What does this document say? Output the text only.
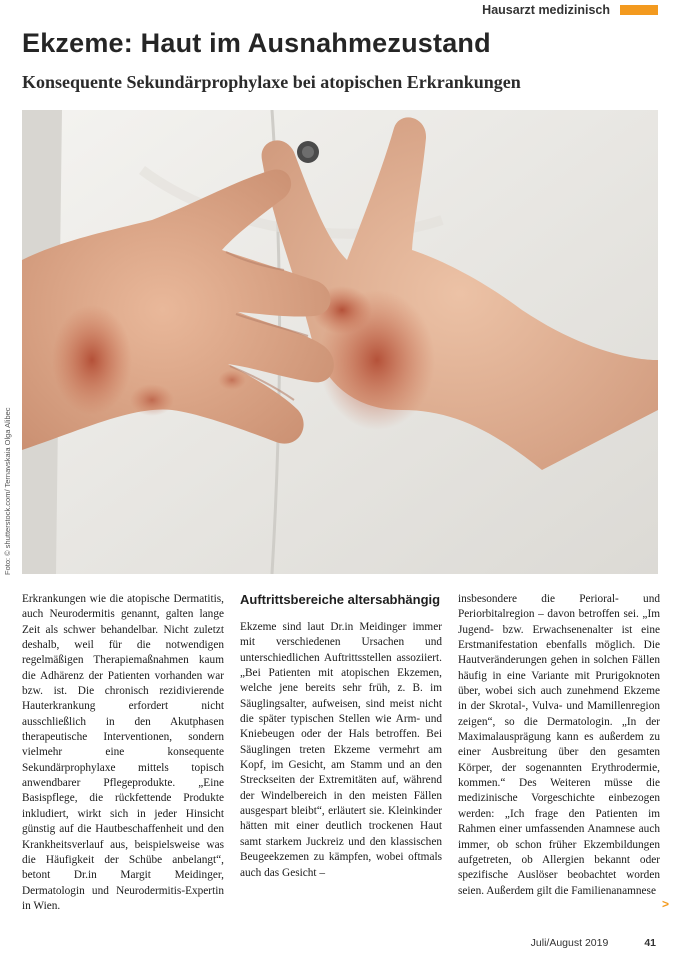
Hausarzt medizinisch
Ekzeme: Haut im Ausnahmezustand
Konsequente Sekundärprophylaxe bei atopischen Erkrankungen
Foto: © shutterstock.com/ Ternavskaia Olga Alibec

Erkrankungen wie die atopische Dermatitis, auch Neurodermitis genannt, galten lange Zeit als schwer behandelbar. Nicht zuletzt deshalb, weil für die notwendigen regelmäßigen Therapiemaßnahmen kaum die Adhärenz der Patienten vorhanden war bzw. ist. Die chronisch rezidivierende Hauterkrankung erfordert nicht ausschließlich in den Akutphasen therapeutische Interventionen, sondern vielmehr eine konsequente Sekundärprophylaxe mittels topisch anwendbarer Pflegeprodukte. „Eine Basispflege, die rückfettende Produkte inkludiert, wirkt sich in jeder Hinsicht günstig auf die Hautbeschaffenheit und den Krankheitsverlauf aus, beispielsweise was die Häufigkeit der Schübe anbelangt“, betont Dr.in Margit Meidinger, Dermatologin und Neurodermitis-Expertin in Wien.

Auftrittsbereiche altersabhängig

Ekzeme sind laut Dr.in Meidinger immer mit verschiedenen Ursachen und unterschiedlichen Auftrittsstellen assoziiert. „Bei Patienten mit atopischen Ekzemen, welche jene bereits sehr früh, z. B. im Säuglingsalter, aufweisen, sind meist nicht die später typischen Stellen wie Arm- und Kniebeugen oder der Hals betroffen. Bei Säuglingen treten Ekzeme vermehrt am Kopf, im Gesicht, am Stamm und an den Streckseiten der Extremitäten auf, während der Windelbereich in den meisten Fällen ausgespart bleibt“, erläutert sie. Kleinkinder hätten mit einer deutlich trockenen Haut samt starkem Juckreiz und den klassischen Beugeekzemen zu kämpfen, wobei oftmals auch das Gesicht –

insbesondere die Perioral- und Periorbitalregion – davon betroffen sei. „Im Jugend- bzw. Erwachsenenalter ist eine Erstmanifestation ebenfalls möglich. Die Hautveränderungen gehen in solchen Fällen häufig in eine Variante mit Prurigoknoten über, wobei sich auch zunehmend Ekzeme in der Skrotal-, Vulva- und Mamillenregion zeigen“, so die Dermatologin. „In der Maximalausprägung kann es außerdem zu einer Ausbreitung über den gesamten Körper, der sogenannten Erythrodermie, kommen.“ Des Weiteren müsse die medizinische Vorgeschichte einbezogen werden: „Ich frage den Patienten im Rahmen einer umfassenden Anamnese auch immer, ob schon früher Ekzembildungen aufgetreten, ob Allergien bekannt oder spezifische Auslöser beobachtet worden seien. Außerdem gilt die Familienanamnese

>
Juli/August 2019	41
